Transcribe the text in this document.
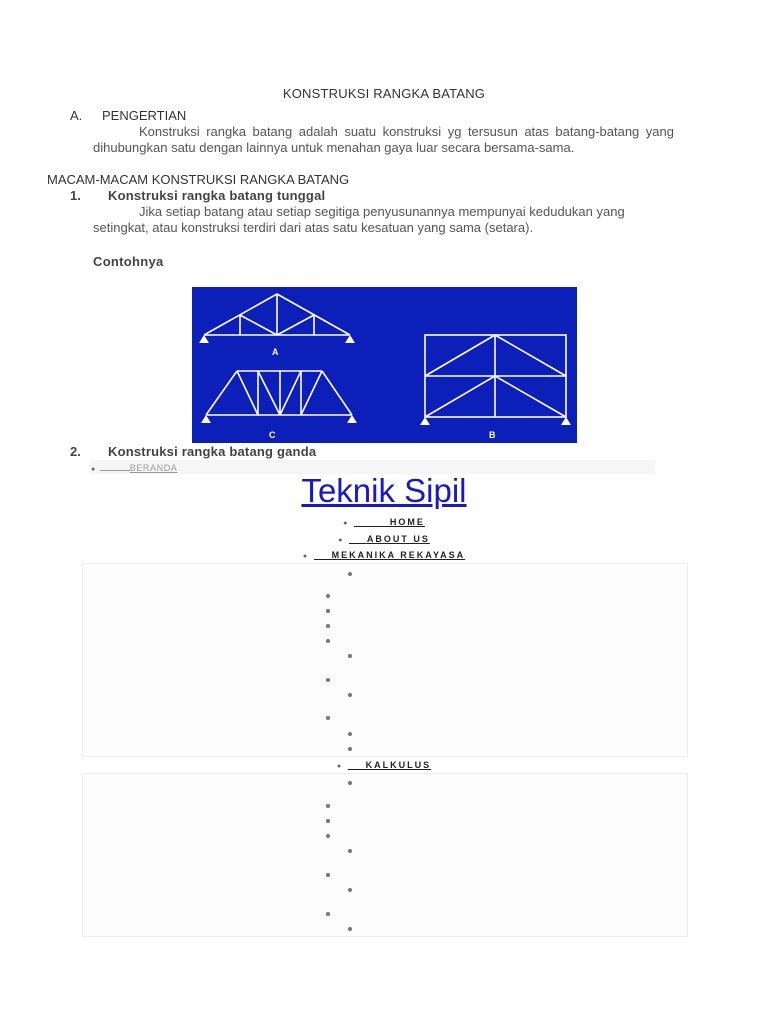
KONSTRUKSI RANGKA BATANG
A. PENGERTIAN
Konstruksi rangka batang adalah suatu konstruksi yg tersusun atas batang-batang yang dihubungkan satu dengan lainnya untuk menahan gaya luar secara bersama-sama.
MACAM-MACAM KONSTRUKSI RANGKA BATANG
1. Konstruksi rangka batang tunggal
Jika setiap batang atau setiap segitiga penyusunannya mempunyai kedudukan yang setingkat, atau konstruksi terdiri dari atas satu kesatuan yang sama (setara).
Contohnya
A
C	B
2. Konstruksi rangka batang ganda
●	BERANDA
Teknik Sipil
●	HOME
●	ABOUT US
●	MEKANIKA REKAYASA
●	KALKULUS
